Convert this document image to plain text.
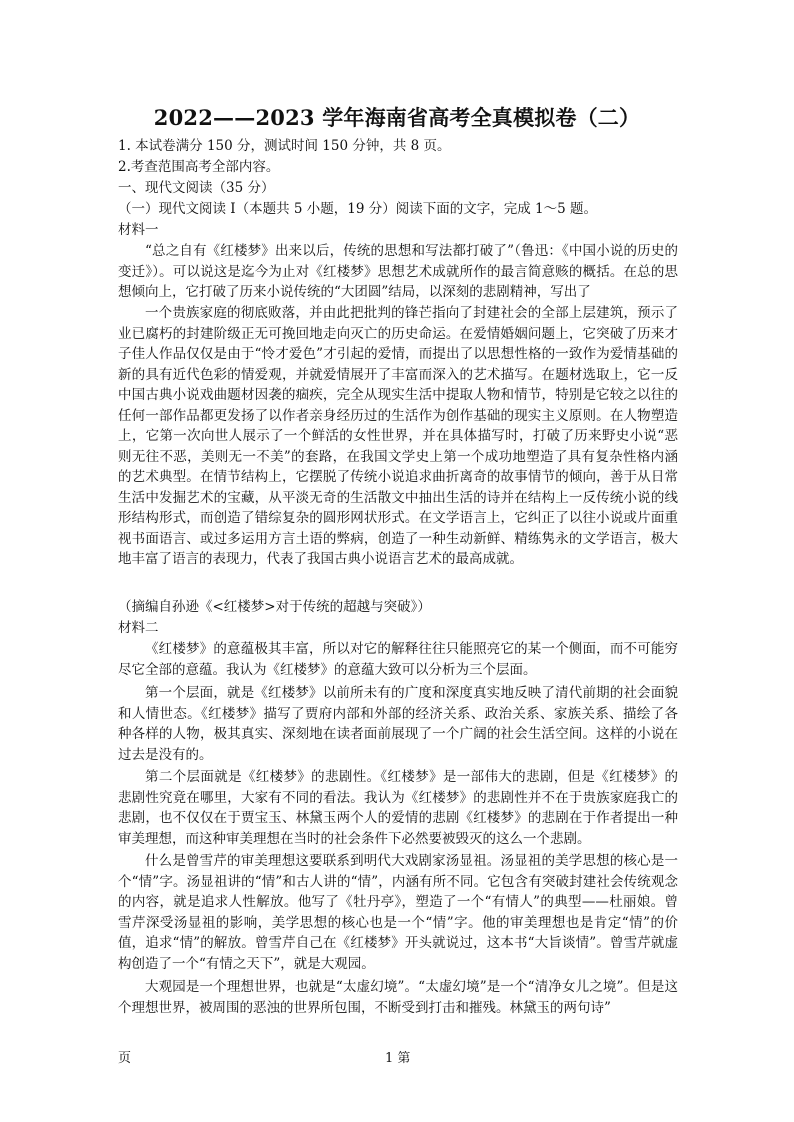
2022——2023 学年海南省高考全真模拟卷（二）
1. 本试卷满分 150 分，测试时间 150 分钟，共 8 页。
2.考查范围高考全部内容。
一、现代文阅读（35 分）
（一）现代文阅读 I（本题共 5 小题，19 分）阅读下面的文字，完成 1～5 题。
材料一
“总之自有《红楼梦》出来以后，传统的思想和写法都打破了”（鲁迅：《中国小说的历史的变迁》）。可以说这是迄今为止对《红楼梦》思想艺术成就所作的最言简意赅的概括。在总的思想倾向上，它打破了历来小说传统的“大团圆”结局，以深刻的悲剧精神，写出了
一个贵族家庭的彻底败落，并由此把批判的锋芒指向了封建社会的全部上层建筑，预示了业已腐朽的封建阶级正无可挽回地走向灭亡的历史命运。在爱情婚姻问题上，它突破了历来才子佳人作品仅仅是由于“怜才爱色”才引起的爱情，而提出了以思想性格的一致作为爱情基础的新的具有近代色彩的情爱观，并就爱情展开了丰富而深入的艺术描写。在题材选取上，它一反中国古典小说戏曲题材因袭的痼疾，完全从现实生活中提取人物和情节，特别是它较之以往的任何一部作品都更发扬了以作者亲身经历过的生活作为创作基础的现实主义原则。在人物塑造上，它第一次向世人展示了一个鲜活的女性世界，并在具体描写时，打破了历来野史小说“恶则无往不恶，美则无一不美”的套路，在我国文学史上第一个成功地塑造了具有复杂性格内涵的艺术典型。在情节结构上，它摆脱了传统小说追求曲折离奇的故事情节的倾向，善于从日常生活中发掘艺术的宝藏，从平淡无奇的生活散文中抽出生活的诗并在结构上一反传统小说的线形结构形式，而创造了错综复杂的圆形网状形式。在文学语言上，它纠正了以往小说或片面重视书面语言、或过多运用方言土语的弊病，创造了一种生动新鲜、精练隽永的文学语言，极大地丰富了语言的表现力，代表了我国古典小说语言艺术的最高成就。
（摘编自孙逊《<红楼梦>对于传统的超越与突破》）
材料二
《红楼梦》的意蕴极其丰富，所以对它的解释往往只能照亮它的某一个侧面，而不可能穷尽它全部的意蕴。我认为《红楼梦》的意蕴大致可以分析为三个层面。
第一个层面，就是《红楼梦》以前所未有的广度和深度真实地反映了清代前期的社会面貌和人情世态。《红楼梦》描写了贾府内部和外部的经济关系、政治关系、家族关系、描绘了各种各样的人物，极其真实、深刻地在读者面前展现了一个广阔的社会生活空间。这样的小说在过去是没有的。
第二个层面就是《红楼梦》的悲剧性。《红楼梦》是一部伟大的悲剧，但是《红楼梦》的悲剧性究竟在哪里，大家有不同的看法。我认为《红楼梦》的悲剧性并不在于贵族家庭我亡的悲剧，也不仅仅在于贾宝玉、林黛玉两个人的爱情的悲剧《红楼梦》的悲剧在于作者提出一种审美理想，而这种审美理想在当时的社会条件下必然要被毁灭的这么一个悲剧。
什么是曾雪芹的审美理想这要联系到明代大戏剧家汤显祖。汤显祖的美学思想的核心是一个“情”字。汤显祖讲的“情”和古人讲的“情”，内涵有所不同。它包含有突破封建社会传统观念的内容，就是追求人性解放。他写了《牡丹亭》，塑造了一个“有情人”的典型——杜丽娘。曾雪芹深受汤显祖的影响，美学思想的核心也是一个“情”字。他的审美理想也是肯定“情”的价值，追求“情”的解放。曾雪芹自己在《红楼梦》开头就说过，这本书“大旨谈情”。曾雪芹就虚构创造了一个“有情之天下”，就是大观园。
大观园是一个理想世界，也就是“太虚幻境”。“太虚幻境”是一个“清净女儿之境”。但是这个理想世界，被周围的恶浊的世界所包围，不断受到打击和摧残。林黛玉的两句诗”
页	1 第
